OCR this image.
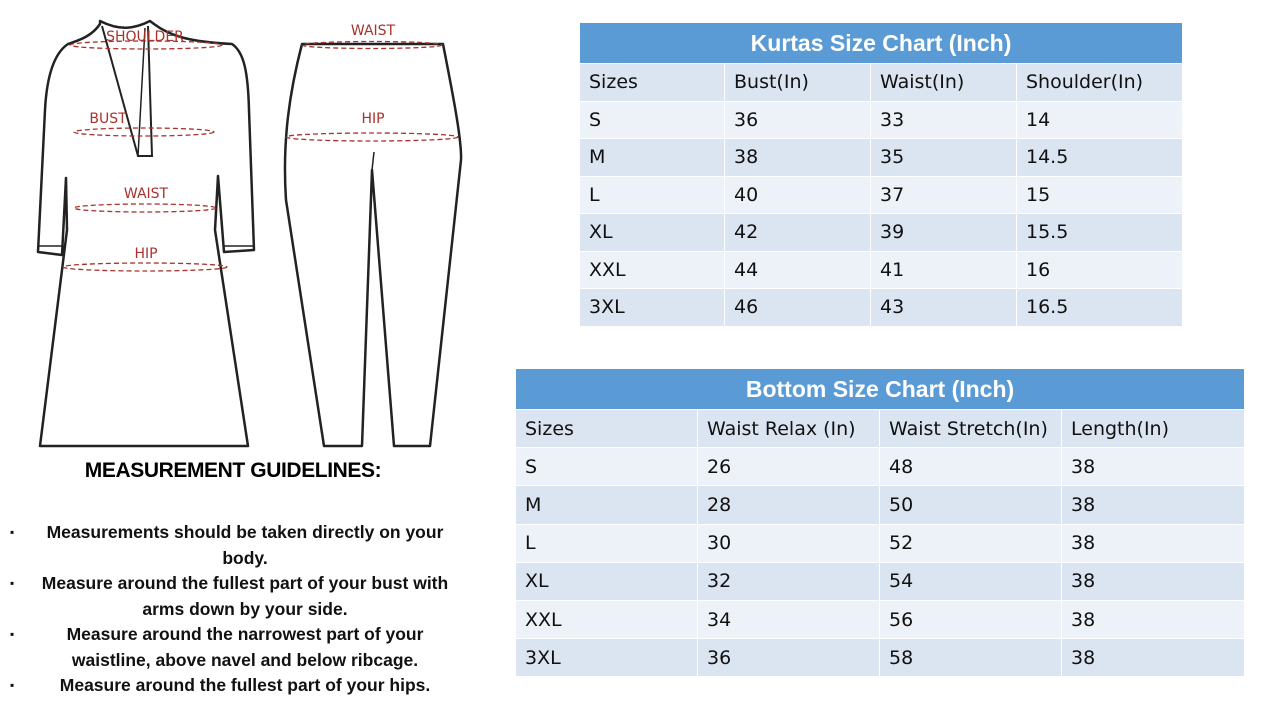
SHOULDER
BUST
WAIST
HIP
WAIST
HIP
MEASUREMENT GUIDELINES:
▪	Measurements should be taken directly on your body.
▪	Measure around the fullest part of your bust with arms down by your side.
▪	Measure around the narrowest part of your waistline, above navel and below ribcage.
▪	Measure around the fullest part of your hips.
Kurtas Size Chart (Inch)			
Sizes	Bust(In)	Waist(In)	Shoulder(In)
S	36	33	14
M	38	35	14.5
L	40	37	15
XL	42	39	15.5
XXL	44	41	16
3XL	46	43	16.5
Bottom Size Chart (Inch)			
Sizes	Waist Relax (In)	Waist Stretch(In)	Length(In)
S	26	48	38
M	28	50	38
L	30	52	38
XL	32	54	38
XXL	34	56	38
3XL	36	58	38
